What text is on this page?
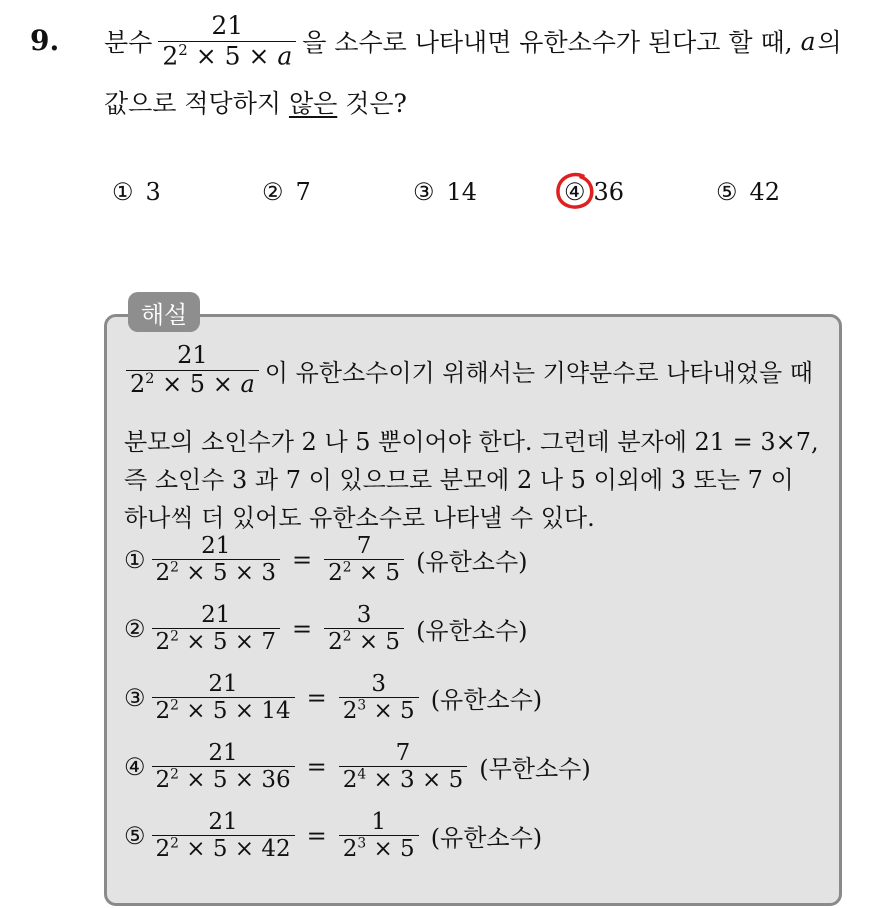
9. 분수 $\frac{21}{2^2 \times 5 \times a}$ 을 소수로 나타내면 유한소수가 된다고 할 때, a 의
값으로 적당하지 않은 것은?
① 3	② 7	③ 14	④ 36	⑤ 42
해설
$\frac{21}{2^2 \times 5 \times a}$ 이 유한소수이기 위해서는 기약분수로 나타내었을 때
분모의 소인수가 2 나 5 뿐이어야 한다. 그런데 분자에 21 = 3×7,
즉 소인수 3 과 7 이 있으므로 분모에 2 나 5 이외에 3 또는 7 이
하나씩 더 있어도 유한소수로 나타낼 수 있다.
① $\frac{21}{2^2 \times 5 \times 3} = \frac{7}{2^2 \times 5}$ (유한소수)
② $\frac{21}{2^2 \times 5 \times 7} = \frac{3}{2^2 \times 5}$ (유한소수)
③ $\frac{21}{2^2 \times 5 \times 14} = \frac{3}{2^3 \times 5}$ (유한소수)
④ $\frac{21}{2^2 \times 5 \times 36} = \frac{7}{2^4 \times 3 \times 5}$ (무한소수)
⑤ $\frac{21}{2^2 \times 5 \times 42} = \frac{1}{2^3 \times 5}$ (유한소수)
